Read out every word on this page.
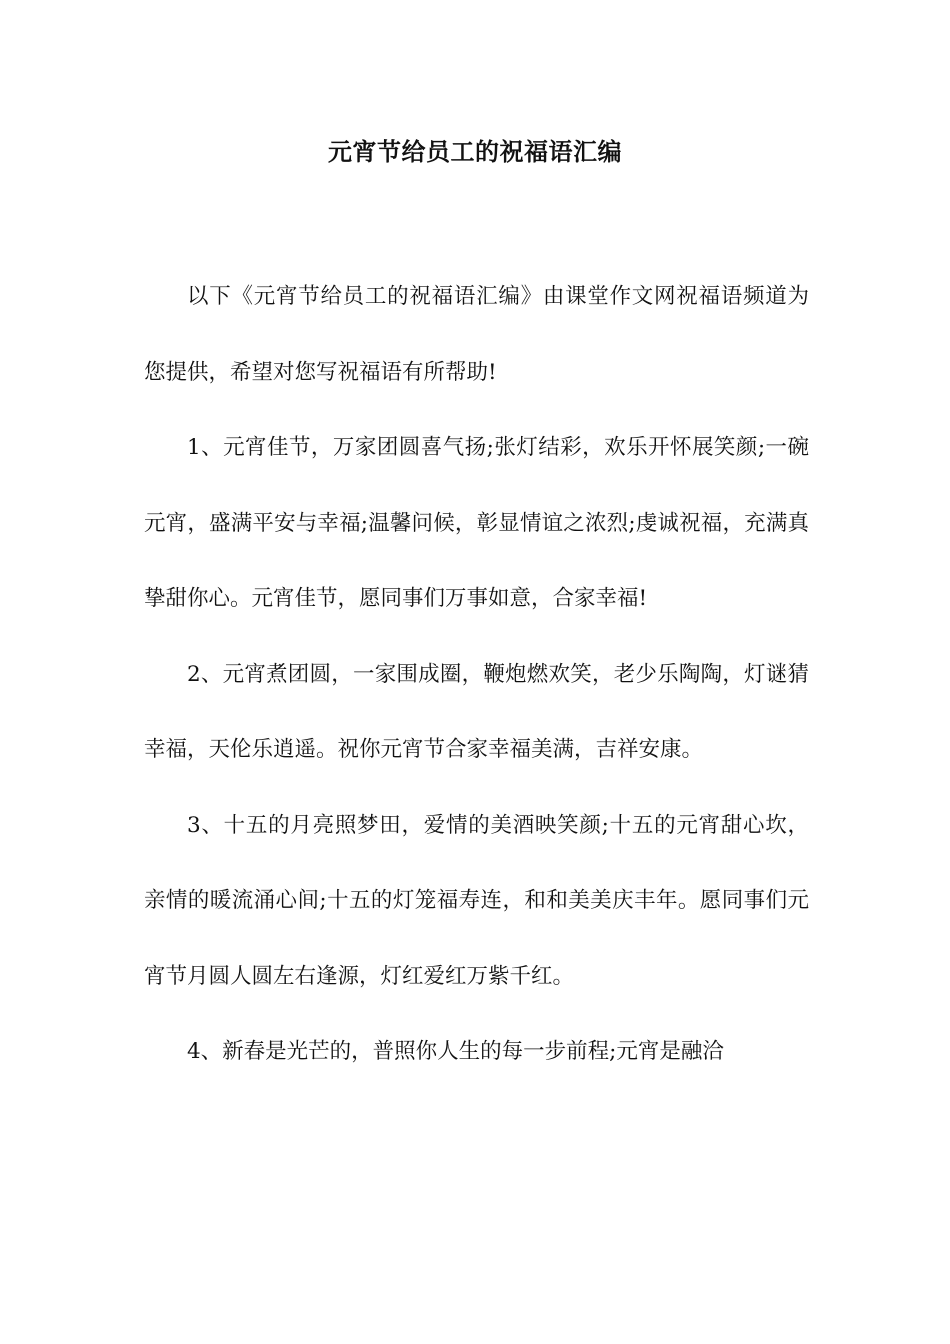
元宵节给员工的祝福语汇编

以下《元宵节给员工的祝福语汇编》由课堂作文网祝福语频道为您提供，希望对您写祝福语有所帮助!

1、元宵佳节，万家团圆喜气扬;张灯结彩，欢乐开怀展笑颜;一碗元宵，盛满平安与幸福;温馨问候，彰显情谊之浓烈;虔诚祝福，充满真挚甜你心。元宵佳节，愿同事们万事如意，合家幸福!

2、元宵煮团圆，一家围成圈，鞭炮燃欢笑，老少乐陶陶，灯谜猜幸福，天伦乐逍遥。祝你元宵节合家幸福美满，吉祥安康。

3、十五的月亮照梦田，爱情的美酒映笑颜;十五的元宵甜心坎，亲情的暖流涌心间;十五的灯笼福寿连，和和美美庆丰年。愿同事们元宵节月圆人圆左右逢源，灯红爱红万紫千红。

4、新春是光芒的，普照你人生的每一步前程;元宵是融洽
